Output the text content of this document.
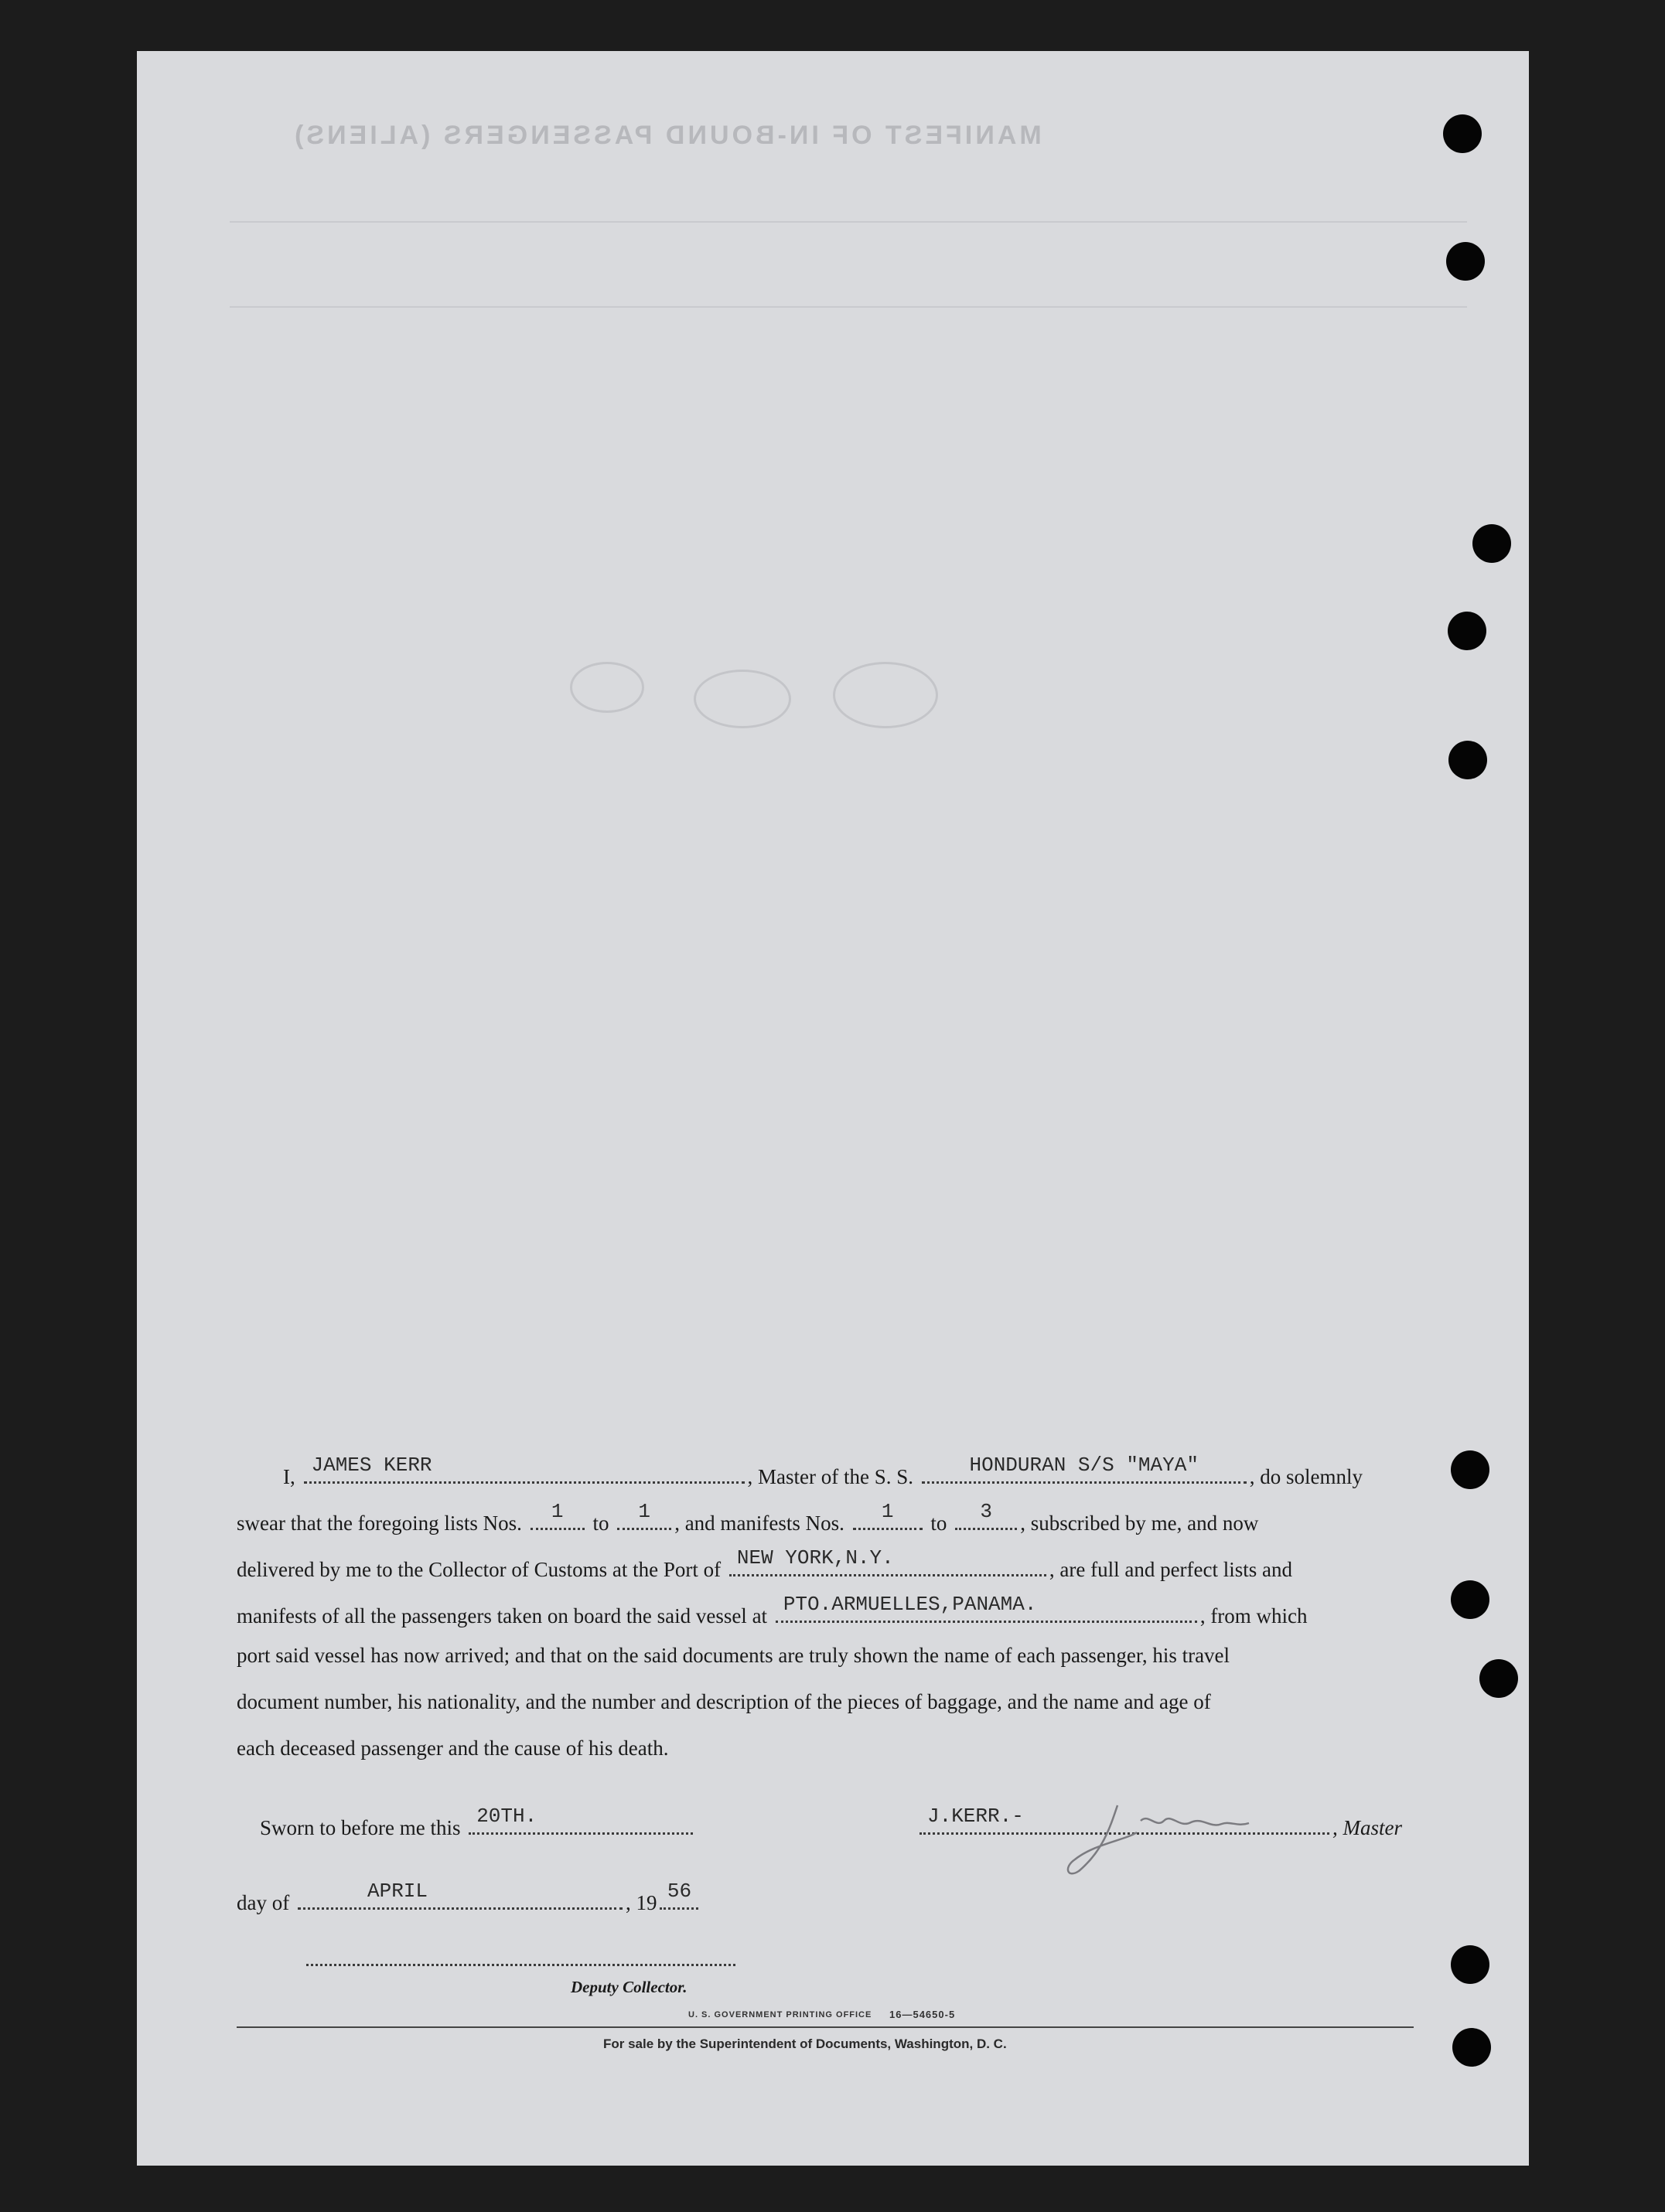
MANIFEST OF IN-BOUND PASSENGERS (ALIENS)
I, JAMES KERR	, Master of the S. S.	HONDURAN S/S "MAYA"	, do solemnly
swear that the foregoing lists Nos.	1	to	1	, and manifests Nos.	1	to	3	, subscribed by me, and now
delivered by me to the Collector of Customs at the Port of NEW YORK,N.Y.	, are full and perfect lists and
manifests of all the passengers taken on board the said vessel at PTO.ARMUELLES,PANAMA.	, from which
port said vessel has now arrived; and that on the said documents are truly shown the name of each passenger, his travel
document number, his nationality, and the number and description of the pieces of baggage, and the name and age of
each deceased passenger and the cause of his death.
Sworn to before me this 20TH.	J.KERR.-	, Master
day of	APRIL	, 19 56
Deputy Collector.
U. S. GOVERNMENT PRINTING OFFICE 16—54650-5
For sale by the Superintendent of Documents, Washington, D. C.
